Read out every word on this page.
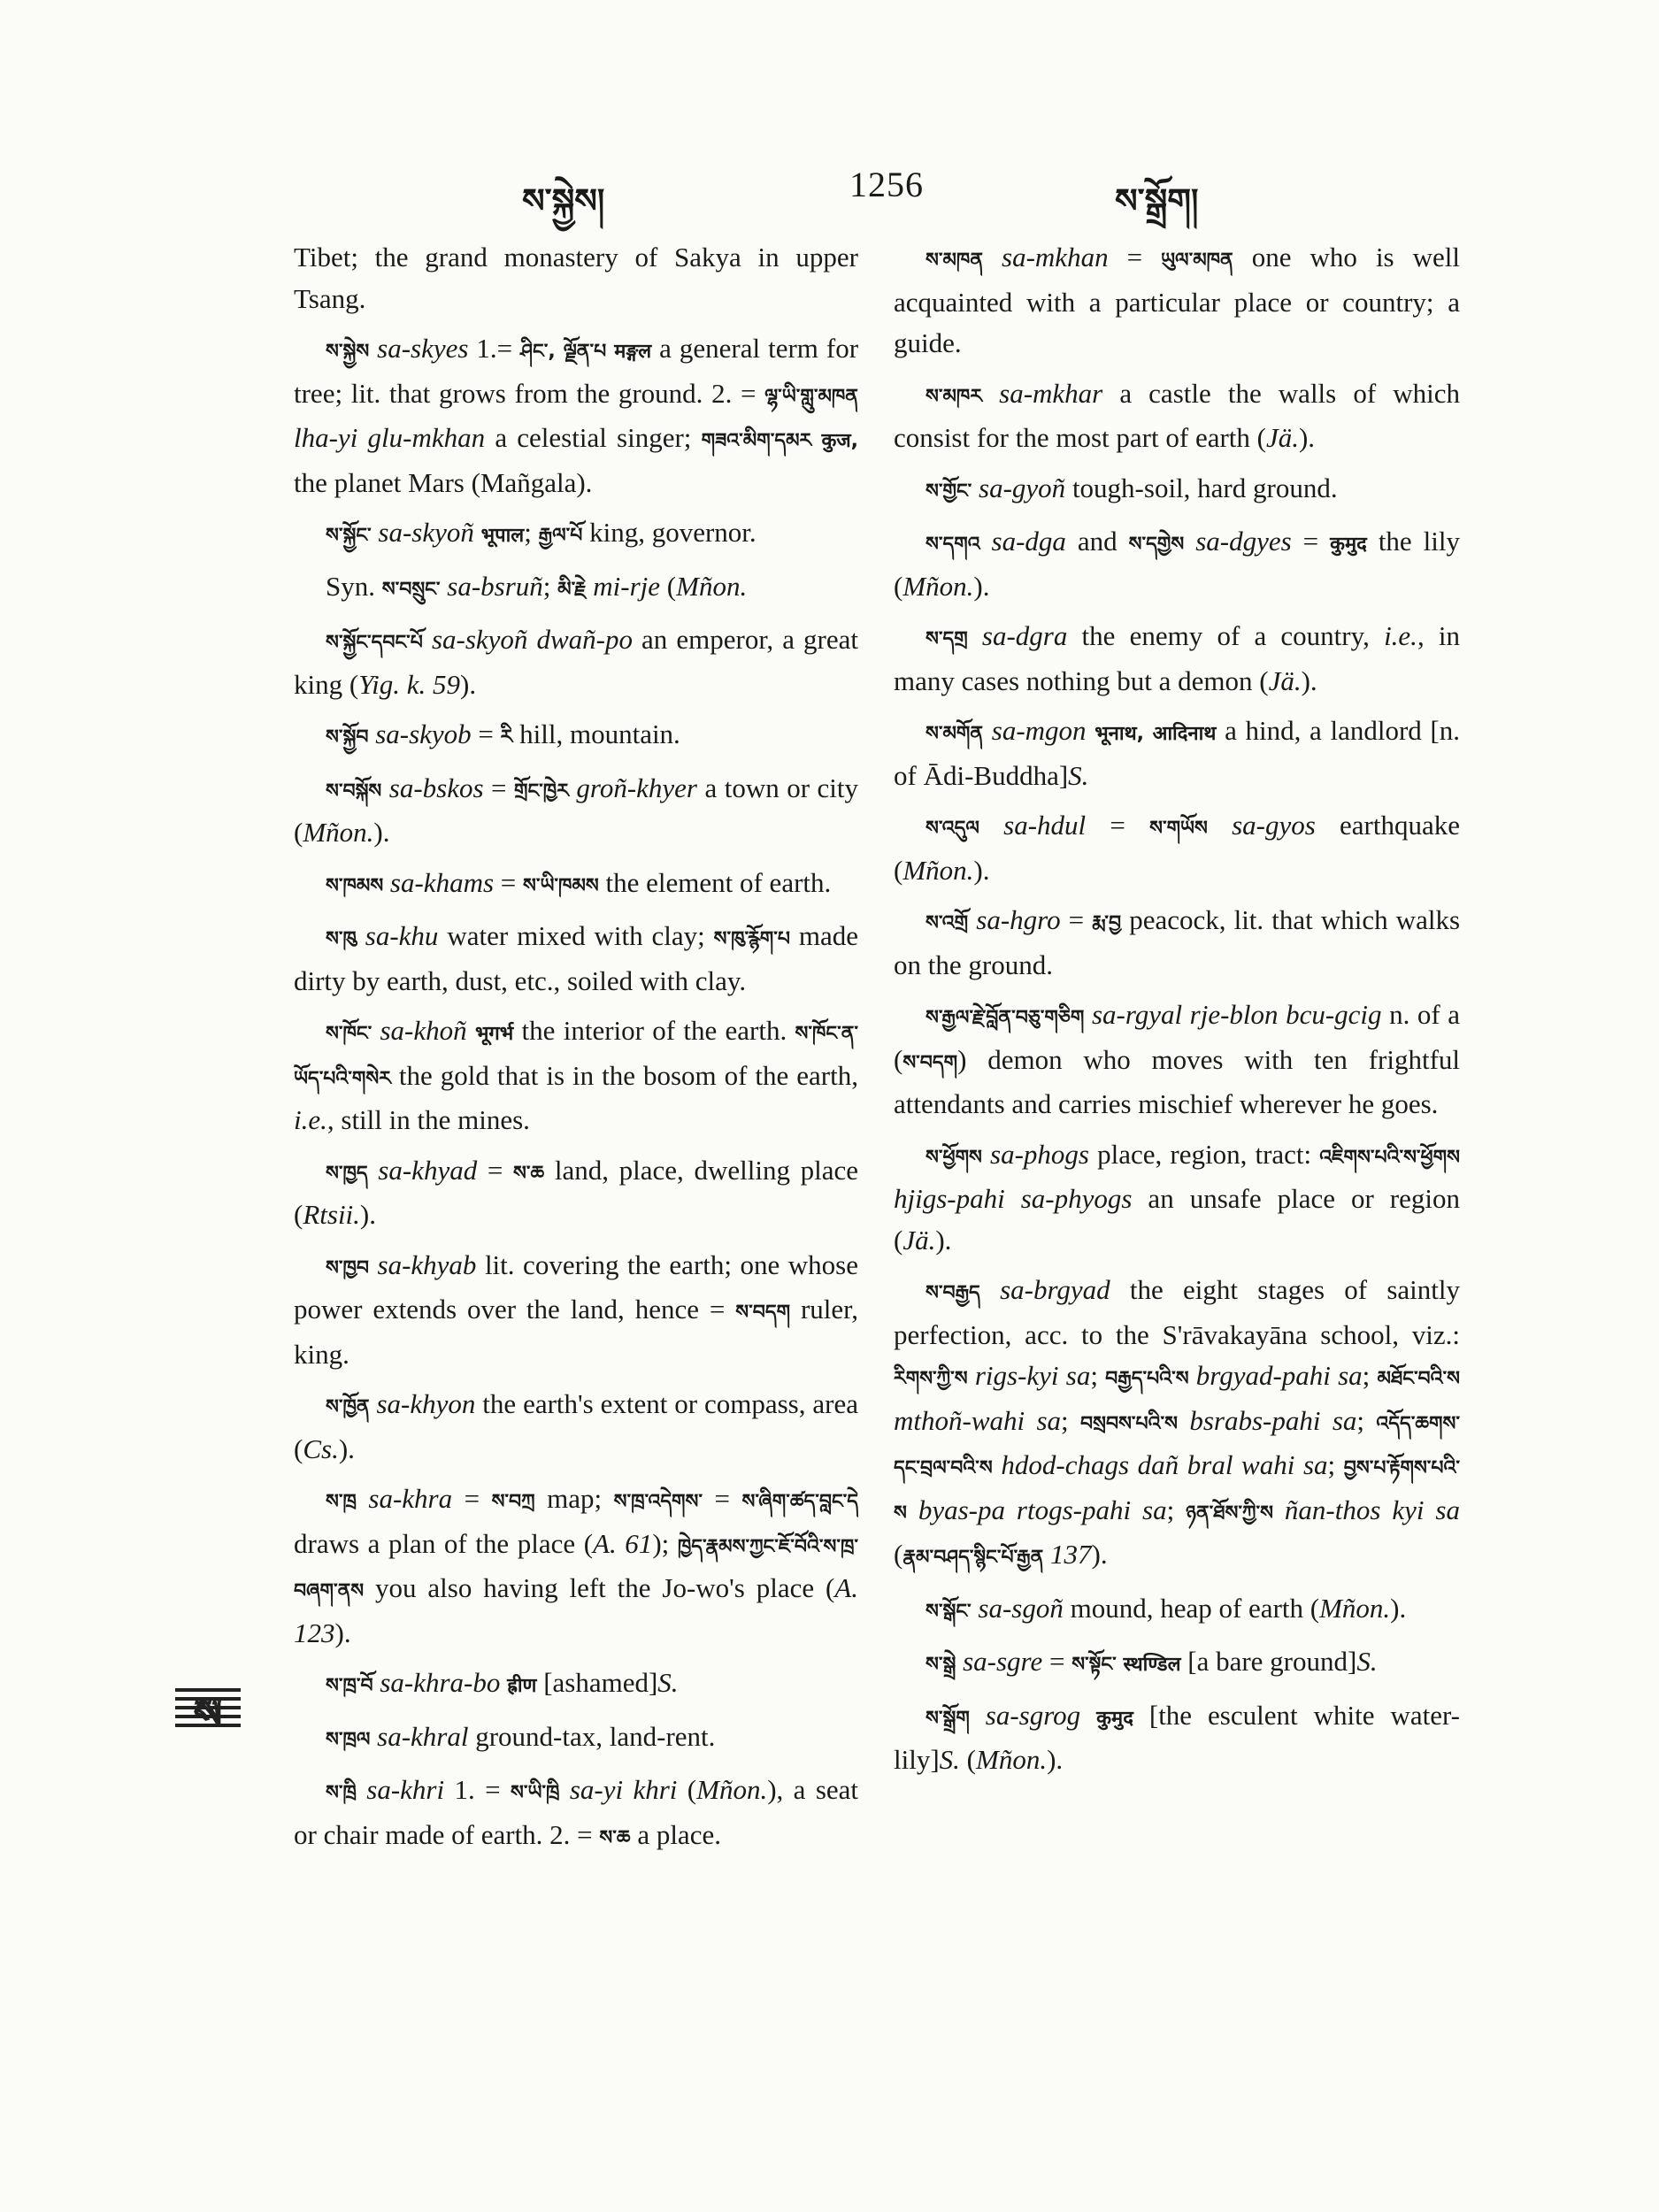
ས་སྐྱེས།	1256	ས་སྒྲོག།

Tibet; the grand monastery of Sakya in upper Tsang.

ས་སྐྱེས sa-skyes 1.= ཤིང་, ལྗོན་པ मङ्गल a general term for tree; lit. that grows from the ground. 2. = ལྷ་ཡི་གླུ་མཁན lha-yi glu-mkhan a celestial singer; གཟའ་མིག་དམར कुज, the planet Mars (Mañgala).

ས་སྐྱོང་ sa-skyoñ भूपाल; རྒྱལ་པོ king, governor.

Syn. ས་བསྲུང་ sa-bsruñ; མི་རྗེ mi-rje (Mñon.

ས་སྐྱོང་དབང་པོ sa-skyoñ dwañ-po an emperor, a great king (Yig. k. 59).

ས་སྐྱོབ sa-skyob = རི hill, mountain.

ས་བསྐོས sa-bskos = གྲོང་ཁྱེར groñ-khyer a town or city (Mñon.).

ས་ཁམས sa-khams = ས་ཡི་ཁམས the element of earth.

ས་ཁུ sa-khu water mixed with clay; ས་ཁུ་རྙོག་པ made dirty by earth, dust, etc., soiled with clay.

ས་ཁོང་ sa-khoñ भूगर्भ the interior of the earth. ས་ཁོང་ན་ཡོད་པའི་གསེར the gold that is in the bosom of the earth, i.e., still in the mines.

ས་ཁྱད sa-khyad = ས་ཆ land, place, dwelling place (Rtsii.).

ས་ཁྱབ sa-khyab lit. covering the earth; one whose power extends over the land, hence = ས་བདག ruler, king.

ས་ཁྱོན sa-khyon the earth's extent or compass, area (Cs.).

ས་ཁྲ sa-khra = ས་བཀྲ map; ས་ཁྲ་འདེགས་ = ས་ཞིག་ཚད་བླང་དེ draws a plan of the place (A. 61); ཁྱེད་རྣམས་ཀྱང་ཇོ་བོའི་ས་ཁྲ་བཞག་ནས you also having left the Jo-wo's place (A. 123).

ས་ཁྲ་བོ sa-khra-bo ह्रीण [ashamed]S.

ས་ཁྲལ sa-khral ground-tax, land-rent.

ས་ཁྲི sa-khri 1. = ས་ཡི་ཁྲི sa-yi khri (Mñon.), a seat or chair made of earth. 2. = ས་ཆ a place.

ས་མཁན sa-mkhan = ཡུལ་མཁན one who is well acquainted with a particular place or country; a guide.

ས་མཁར sa-mkhar a castle the walls of which consist for the most part of earth (Jä.).

ས་གྱོང་ sa-gyoñ tough-soil, hard ground.

ས་དགའ sa-dga and ས་དགྱེས sa-dgyes = कुमुद the lily (Mñon.).

ས་དགྲ sa-dgra the enemy of a country, i.e., in many cases nothing but a demon (Jä.).

ས་མགོན sa-mgon भूनाथ, आदिनाथ a hind, a landlord [n. of Ādi-Buddha]S.

ས་འདུལ sa-hdul = ས་གཡོས sa-gyos earthquake (Mñon.).

ས་འགྲོ sa-hgro = རྨ་བྱ peacock, lit. that which walks on the ground.

ས་རྒྱལ་རྗེ་བློན་བཅུ་གཅིག sa-rgyal rje-blon bcu-gcig n. of a (ས་བདག) demon who moves with ten frightful attendants and carries mischief wherever he goes.

ས་ཕྱོགས sa-phogs place, region, tract: འཇིགས་པའི་ས་ཕྱོགས hjigs-pahi sa-phyogs an unsafe place or region (Jä.).

ས་བརྒྱད sa-brgyad the eight stages of saintly perfection, acc. to the S'rāvakayāna school, viz.: རིགས་ཀྱི་ས rigs-kyi sa; བརྒྱད་པའི་ས brgyad-pahi sa; མཐོང་བའི་ས mthoñ-wahi sa; བསྲབས་པའི་ས bsrabs-pahi sa; འདོད་ཆགས་དང་བྲལ་བའི་ས hdod-chags dañ bral wahi sa; བྱས་པ་རྟོགས་པའི་ས byas-pa rtogs-pahi sa; ཉན་ཐོས་ཀྱི་ས ñan-thos kyi sa (རྣམ་བཤད་སྙིང་པོ་རྒྱན 137).

ས་སྒོང་ sa-sgoñ mound, heap of earth (Mñon.).

ས་སྒྲེ sa-sgre = ས་སྟོང་ स्थण्डिल [a bare ground]S.

ས་སྒྲོག sa-sgrog कुमुद [the esculent white water-lily]S. (Mñon.).

ས
